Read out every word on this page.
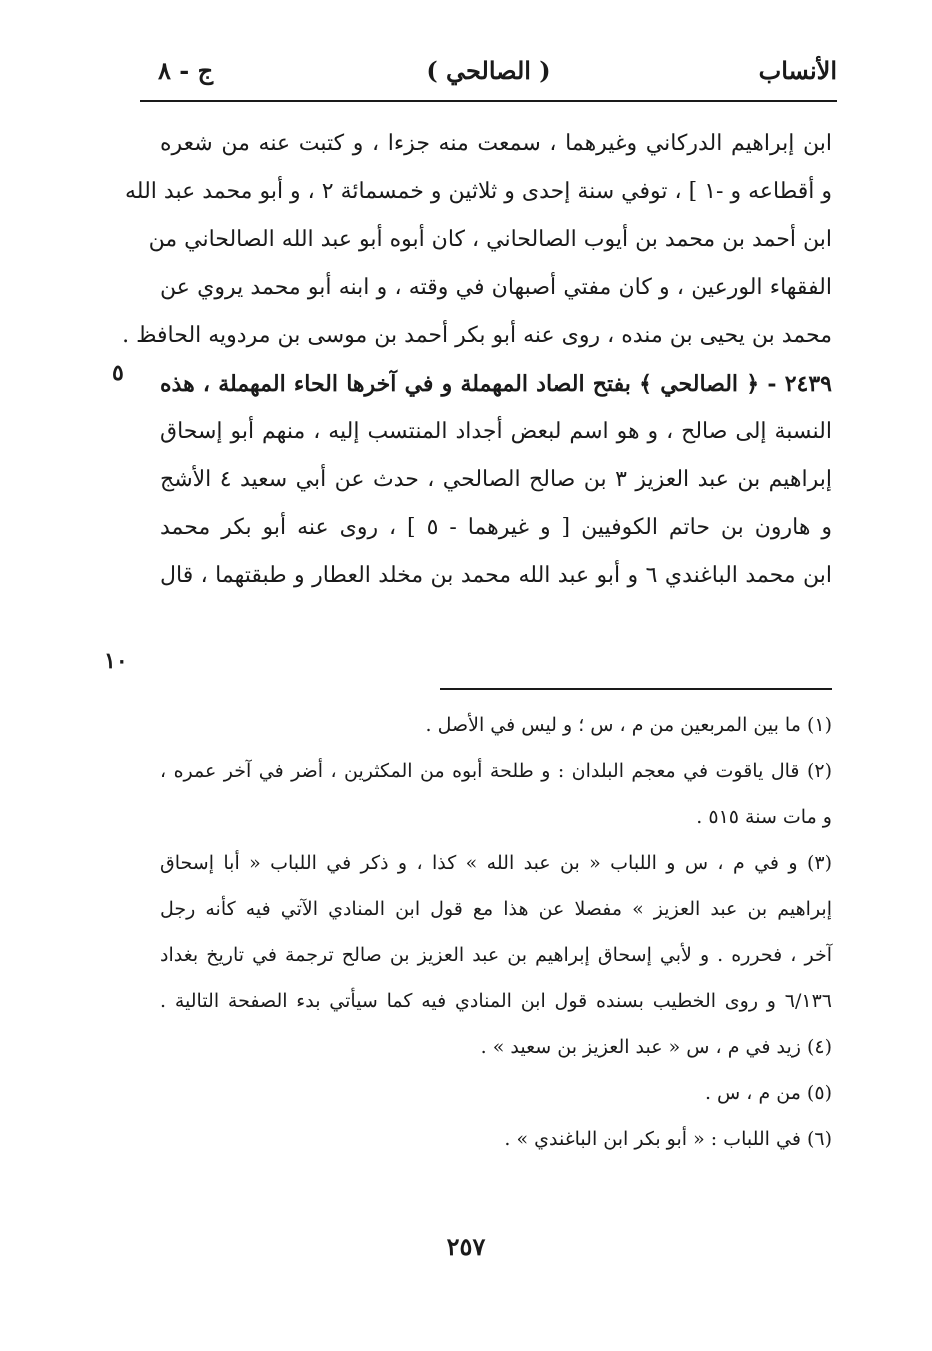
الأنساب
( الصالحي )
ج - ٨
ابن إبراهيم الدركاني وغيرهما ، سمعت منه جزءا ، و كتبت عنه من شعره
و أقطاعه و -١ ] ، توفي سنة إحدى و ثلاثين و خمسمائة ٢ ، و أبو محمد عبد الله
ابن أحمد بن محمد بن أيوب الصالحاني ، كان أبوه أبو عبد الله الصالحاني من
الفقهاء الورعين ، و كان مفتي أصبهان في وقته ، و ابنه أبو محمد يروي عن
محمد بن يحيى بن منده ، روى عنه أبو بكر أحمد بن موسى بن مردويه الحافظ .
٢٤٣٩ - ﴿ الصالحي ﴾ بفتح الصاد المهملة و في آخرها الحاء المهملة ، هذه
النسبة إلى صالح ، و هو اسم لبعض أجداد المنتسب إليه ، منهم أبو إسحاق
إبراهيم بن عبد العزيز ٣ بن صالح الصالحي ، حدث عن أبي سعيد ٤ الأشج
و هارون بن حاتم الكوفيين [ و غيرهما - ٥ ] ، روى عنه أبو بكر محمد
ابن محمد الباغندي ٦ و أبو عبد الله محمد بن مخلد العطار و طبقتهما ، قال
٥
١٠
(١) ما بين المربعين من م ، س ؛ و ليس في الأصل .
(٢) قال ياقوت في معجم البلدان : و طلحة أبوه من المكثرين ، أضر في آخر عمره ،
و مات سنة ٥١٥ .
(٣) و في م ، س و اللباب « بن عبد الله » كذا ، و ذكر في اللباب « أبا إسحاق
إبراهيم بن عبد العزيز » مفصلا عن هذا مع قول ابن المنادي الآتي فيه كأنه رجل
آخر ، فحرره . و لأبي إسحاق إبراهيم بن عبد العزيز بن صالح ترجمة في تاريخ بغداد
٦/١٣٦ و روى الخطيب بسنده قول ابن المنادي فيه كما سيأتي بدء الصفحة التالية .
(٤) زيد في م ، س « عبد العزيز بن سعيد » .
(٥) من م ، س .
(٦) في اللباب : « أبو بكر ابن الباغندي » .
٢٥٧
